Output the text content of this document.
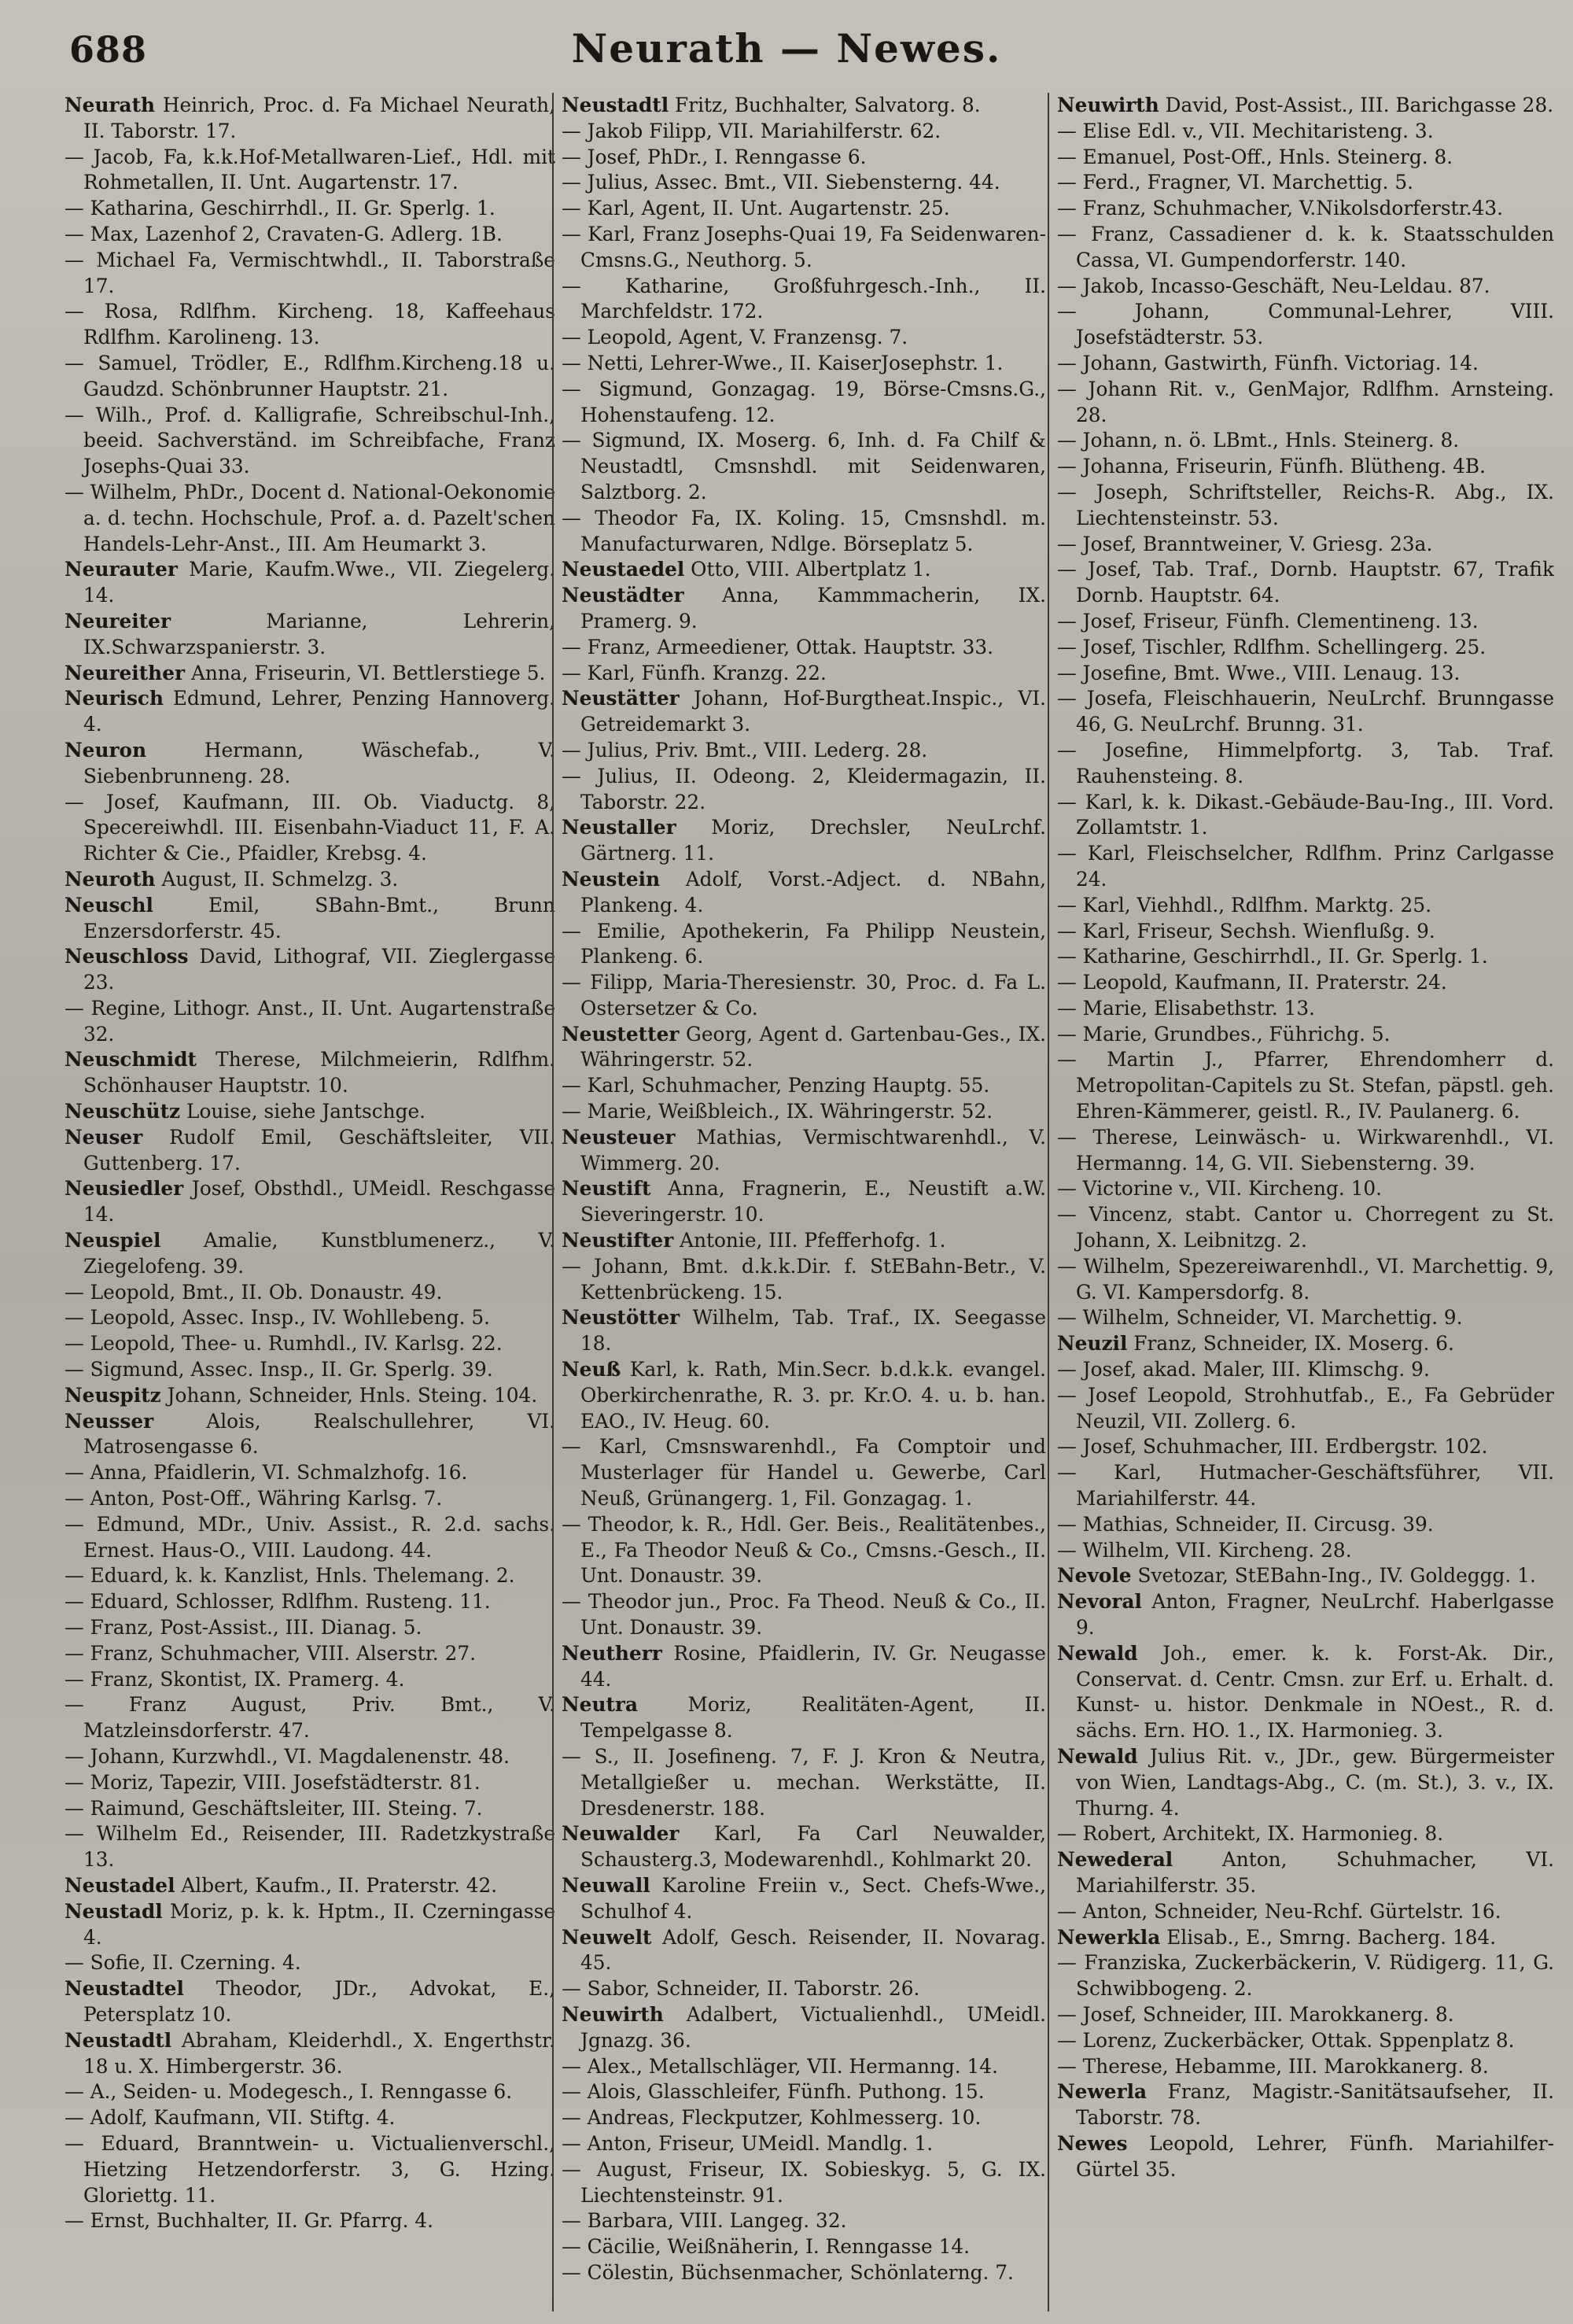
688	Neurath — Newes.

Neurath Heinrich, Proc. d. Fa Michael Neurath, II. Taborstr. 17.

— Jacob, Fa, k.k.Hof-Metallwaren-Lief., Hdl. mit Rohmetallen, II. Unt. Augartenstr. 17.

— Katharina, Geschirrhdl., II. Gr. Sperlg. 1.

— Max, Lazenhof 2, Cravaten-G. Adlerg. 1B.

— Michael Fa, Vermischtwhdl., II. Taborstraße 17.

— Rosa, Rdlfhm. Kircheng. 18, Kaffeehaus Rdlfhm. Karolineng. 13.

— Samuel, Trödler, E., Rdlfhm.Kircheng.18 u. Gaudzd. Schönbrunner Hauptstr. 21.

— Wilh., Prof. d. Kalligrafie, Schreibschul-Inh., beeid. Sachverständ. im Schreibfache, Franz Josephs-Quai 33.

— Wilhelm, PhDr., Docent d. National-Oekonomie a. d. techn. Hochschule, Prof. a. d. Pazelt'schen Handels-Lehr-Anst., III. Am Heumarkt 3.

Neurauter Marie, Kaufm.Wwe., VII. Ziegelerg. 14.

Neureiter Marianne, Lehrerin, IX.Schwarzspanierstr. 3.

Neureither Anna, Friseurin, VI. Bettlerstiege 5.

Neurisch Edmund, Lehrer, Penzing Hannoverg. 4.

Neuron Hermann, Wäschefab., V. Siebenbrunneng. 28.

— Josef, Kaufmann, III. Ob. Viaductg. 8, Specereiwhdl. III. Eisenbahn-Viaduct 11, F. A. Richter & Cie., Pfaidler, Krebsg. 4.

Neuroth August, II. Schmelzg. 3.

Neuschl Emil, SBahn-Bmt., Brunn Enzersdorferstr. 45.

Neuschloss David, Lithograf, VII. Zieglergasse 23.

— Regine, Lithogr. Anst., II. Unt. Augartenstraße 32.

Neuschmidt Therese, Milchmeierin, Rdlfhm. Schönhauser Hauptstr. 10.

Neuschütz Louise, siehe Jantschge.

Neuser Rudolf Emil, Geschäftsleiter, VII. Guttenberg. 17.

Neusiedler Josef, Obsthdl., UMeidl. Reschgasse 14.

Neuspiel Amalie, Kunstblumenerz., V. Ziegelofeng. 39.

— Leopold, Bmt., II. Ob. Donaustr. 49.

— Leopold, Assec. Insp., IV. Wohllebeng. 5.

— Leopold, Thee- u. Rumhdl., IV. Karlsg. 22.

— Sigmund, Assec. Insp., II. Gr. Sperlg. 39.

Neuspitz Johann, Schneider, Hnls. Steing. 104.

Neusser Alois, Realschullehrer, VI. Matrosengasse 6.

— Anna, Pfaidlerin, VI. Schmalzhofg. 16.

— Anton, Post-Off., Währing Karlsg. 7.

— Edmund, MDr., Univ. Assist., R. 2.d. sachs. Ernest. Haus-O., VIII. Laudong. 44.

— Eduard, k. k. Kanzlist, Hnls. Thelemang. 2.

— Eduard, Schlosser, Rdlfhm. Rusteng. 11.

— Franz, Post-Assist., III. Dianag. 5.

— Franz, Schuhmacher, VIII. Alserstr. 27.

— Franz, Skontist, IX. Pramerg. 4.

— Franz August, Priv. Bmt., V. Matzleinsdorferstr. 47.

— Johann, Kurzwhdl., VI. Magdalenenstr. 48.

— Moriz, Tapezir, VIII. Josefstädterstr. 81.

— Raimund, Geschäftsleiter, III. Steing. 7.

— Wilhelm Ed., Reisender, III. Radetzkystraße 13.

Neustadel Albert, Kaufm., II. Praterstr. 42.

Neustadl Moriz, p. k. k. Hptm., II. Czerningasse 4.

— Sofie, II. Czerning. 4.

Neustadtel Theodor, JDr., Advokat, E., Petersplatz 10.

Neustadtl Abraham, Kleiderhdl., X. Engerthstr. 18 u. X. Himbergerstr. 36.

— A., Seiden- u. Modegesch., I. Renngasse 6.

— Adolf, Kaufmann, VII. Stiftg. 4.

— Eduard, Branntwein- u. Victualienverschl., Hietzing Hetzendorferstr. 3, G. Hzing. Gloriettg. 11.

— Ernst, Buchhalter, II. Gr. Pfarrg. 4.

Neustadtl Fritz, Buchhalter, Salvatorg. 8.

— Jakob Filipp, VII. Mariahilferstr. 62.

— Josef, PhDr., I. Renngasse 6.

— Julius, Assec. Bmt., VII. Siebensterng. 44.

— Karl, Agent, II. Unt. Augartenstr. 25.

— Karl, Franz Josephs-Quai 19, Fa Seidenwaren-Cmsns.G., Neuthorg. 5.

— Katharine, Großfuhrgesch.-Inh., II. Marchfeldstr. 172.

— Leopold, Agent, V. Franzensg. 7.

— Netti, Lehrer-Wwe., II. KaiserJosephstr. 1.

— Sigmund, Gonzagag. 19, Börse-Cmsns.G., Hohenstaufeng. 12.

— Sigmund, IX. Moserg. 6, Inh. d. Fa Chilf & Neustadtl, Cmsnshdl. mit Seidenwaren, Salztborg. 2.

— Theodor Fa, IX. Koling. 15, Cmsnshdl. m. Manufacturwaren, Ndlge. Börseplatz 5.

Neustaedel Otto, VIII. Albertplatz 1.

Neustädter Anna, Kammmacherin, IX. Pramerg. 9.

— Franz, Armeediener, Ottak. Hauptstr. 33.

— Karl, Fünfh. Kranzg. 22.

Neustätter Johann, Hof-Burgtheat.Inspic., VI. Getreidemarkt 3.

— Julius, Priv. Bmt., VIII. Lederg. 28.

— Julius, II. Odeong. 2, Kleidermagazin, II. Taborstr. 22.

Neustaller Moriz, Drechsler, NeuLrchf. Gärtnerg. 11.

Neustein Adolf, Vorst.-Adject. d. NBahn, Plankeng. 4.

— Emilie, Apothekerin, Fa Philipp Neustein, Plankeng. 6.

— Filipp, Maria-Theresienstr. 30, Proc. d. Fa L. Ostersetzer & Co.

Neustetter Georg, Agent d. Gartenbau-Ges., IX. Währingerstr. 52.

— Karl, Schuhmacher, Penzing Hauptg. 55.

— Marie, Weißbleich., IX. Währingerstr. 52.

Neusteuer Mathias, Vermischtwarenhdl., V. Wimmerg. 20.

Neustift Anna, Fragnerin, E., Neustift a.W. Sieveringerstr. 10.

Neustifter Antonie, III. Pfefferhofg. 1.

— Johann, Bmt. d.k.k.Dir. f. StEBahn-Betr., V. Kettenbrückeng. 15.

Neustötter Wilhelm, Tab. Traf., IX. Seegasse 18.

Neuß Karl, k. Rath, Min.Secr. b.d.k.k. evangel. Oberkirchenrathe, R. 3. pr. Kr.O. 4. u. b. han. EAO., IV. Heug. 60.

— Karl, Cmsnswarenhdl., Fa Comptoir und Musterlager für Handel u. Gewerbe, Carl Neuß, Grünangerg. 1, Fil. Gonzagag. 1.

— Theodor, k. R., Hdl. Ger. Beis., Realitätenbes., E., Fa Theodor Neuß & Co., Cmsns.-Gesch., II. Unt. Donaustr. 39.

— Theodor jun., Proc. Fa Theod. Neuß & Co., II. Unt. Donaustr. 39.

Neutherr Rosine, Pfaidlerin, IV. Gr. Neugasse 44.

Neutra Moriz, Realitäten-Agent, II. Tempelgasse 8.

— S., II. Josefineng. 7, F. J. Kron & Neutra, Metallgießer u. mechan. Werkstätte, II. Dresdenerstr. 188.

Neuwalder Karl, Fa Carl Neuwalder, Schausterg.3, Modewarenhdl., Kohlmarkt 20.

Neuwall Karoline Freiin v., Sect. Chefs-Wwe., Schulhof 4.

Neuwelt Adolf, Gesch. Reisender, II. Novarag. 45.

— Sabor, Schneider, II. Taborstr. 26.

Neuwirth Adalbert, Victualienhdl., UMeidl. Jgnazg. 36.

— Alex., Metallschläger, VII. Hermanng. 14.

— Alois, Glasschleifer, Fünfh. Puthong. 15.

— Andreas, Fleckputzer, Kohlmesserg. 10.

— Anton, Friseur, UMeidl. Mandlg. 1.

— August, Friseur, IX. Sobieskyg. 5, G. IX. Liechtensteinstr. 91.

— Barbara, VIII. Langeg. 32.

— Cäcilie, Weißnäherin, I. Renngasse 14.

— Cölestin, Büchsenmacher, Schönlaterng. 7.

Neuwirth David, Post-Assist., III. Barichgasse 28.

— Elise Edl. v., VII. Mechitaristeng. 3.

— Emanuel, Post-Off., Hnls. Steinerg. 8.

— Ferd., Fragner, VI. Marchettig. 5.

— Franz, Schuhmacher, V.Nikolsdorferstr.43.

— Franz, Cassadiener d. k. k. Staatsschulden Cassa, VI. Gumpendorferstr. 140.

— Jakob, Incasso-Geschäft, Neu-Leldau. 87.

— Johann, Communal-Lehrer, VIII. Josefstädterstr. 53.

— Johann, Gastwirth, Fünfh. Victoriag. 14.

— Johann Rit. v., GenMajor, Rdlfhm. Arnsteing. 28.

— Johann, n. ö. LBmt., Hnls. Steinerg. 8.

— Johanna, Friseurin, Fünfh. Blütheng. 4B.

— Joseph, Schriftsteller, Reichs-R. Abg., IX. Liechtensteinstr. 53.

— Josef, Branntweiner, V. Griesg. 23a.

— Josef, Tab. Traf., Dornb. Hauptstr. 67, Trafik Dornb. Hauptstr. 64.

— Josef, Friseur, Fünfh. Clementineng. 13.

— Josef, Tischler, Rdlfhm. Schellingerg. 25.

— Josefine, Bmt. Wwe., VIII. Lenaug. 13.

— Josefa, Fleischhauerin, NeuLrchf. Brunngasse 46, G. NeuLrchf. Brunng. 31.

— Josefine, Himmelpfortg. 3, Tab. Traf. Rauhensteing. 8.

— Karl, k. k. Dikast.-Gebäude-Bau-Ing., III. Vord. Zollamtstr. 1.

— Karl, Fleischselcher, Rdlfhm. Prinz Carlgasse 24.

— Karl, Viehhdl., Rdlfhm. Marktg. 25.

— Karl, Friseur, Sechsh. Wienflußg. 9.

— Katharine, Geschirrhdl., II. Gr. Sperlg. 1.

— Leopold, Kaufmann, II. Praterstr. 24.

— Marie, Elisabethstr. 13.

— Marie, Grundbes., Führichg. 5.

— Martin J., Pfarrer, Ehrendomherr d. Metropolitan-Capitels zu St. Stefan, päpstl. geh. Ehren-Kämmerer, geistl. R., IV. Paulanerg. 6.

— Therese, Leinwäsch- u. Wirkwarenhdl., VI. Hermanng. 14, G. VII. Siebensterng. 39.

— Victorine v., VII. Kircheng. 10.

— Vincenz, stabt. Cantor u. Chorregent zu St. Johann, X. Leibnitzg. 2.

— Wilhelm, Spezereiwarenhdl., VI. Marchettig. 9, G. VI. Kampersdorfg. 8.

— Wilhelm, Schneider, VI. Marchettig. 9.

Neuzil Franz, Schneider, IX. Moserg. 6.

— Josef, akad. Maler, III. Klimschg. 9.

— Josef Leopold, Strohhutfab., E., Fa Gebrüder Neuzil, VII. Zollerg. 6.

— Josef, Schuhmacher, III. Erdbergstr. 102.

— Karl, Hutmacher-Geschäftsführer, VII. Mariahilferstr. 44.

— Mathias, Schneider, II. Circusg. 39.

— Wilhelm, VII. Kircheng. 28.

Nevole Svetozar, StEBahn-Ing., IV. Goldeggg. 1.

Nevoral Anton, Fragner, NeuLrchf. Haberlgasse 9.

Newald Joh., emer. k. k. Forst-Ak. Dir., Conservat. d. Centr. Cmsn. zur Erf. u. Erhalt. d. Kunst- u. histor. Denkmale in NOest., R. d. sächs. Ern. HO. 1., IX. Harmonieg. 3.

Newald Julius Rit. v., JDr., gew. Bürgermeister von Wien, Landtags-Abg., C. (m. St.), 3. v., IX. Thurng. 4.

— Robert, Architekt, IX. Harmonieg. 8.

Newederal Anton, Schuhmacher, VI. Mariahilferstr. 35.

— Anton, Schneider, Neu-Rchf. Gürtelstr. 16.

Newerkla Elisab., E., Smrng. Bacherg. 184.

— Franziska, Zuckerbäckerin, V. Rüdigerg. 11, G. Schwibbogeng. 2.

— Josef, Schneider, III. Marokkanerg. 8.

— Lorenz, Zuckerbäcker, Ottak. Sppenplatz 8.

— Therese, Hebamme, III. Marokkanerg. 8.

Newerla Franz, Magistr.-Sanitätsaufseher, II. Taborstr. 78.

Newes Leopold, Lehrer, Fünfh. Mariahilfer-Gürtel 35.
